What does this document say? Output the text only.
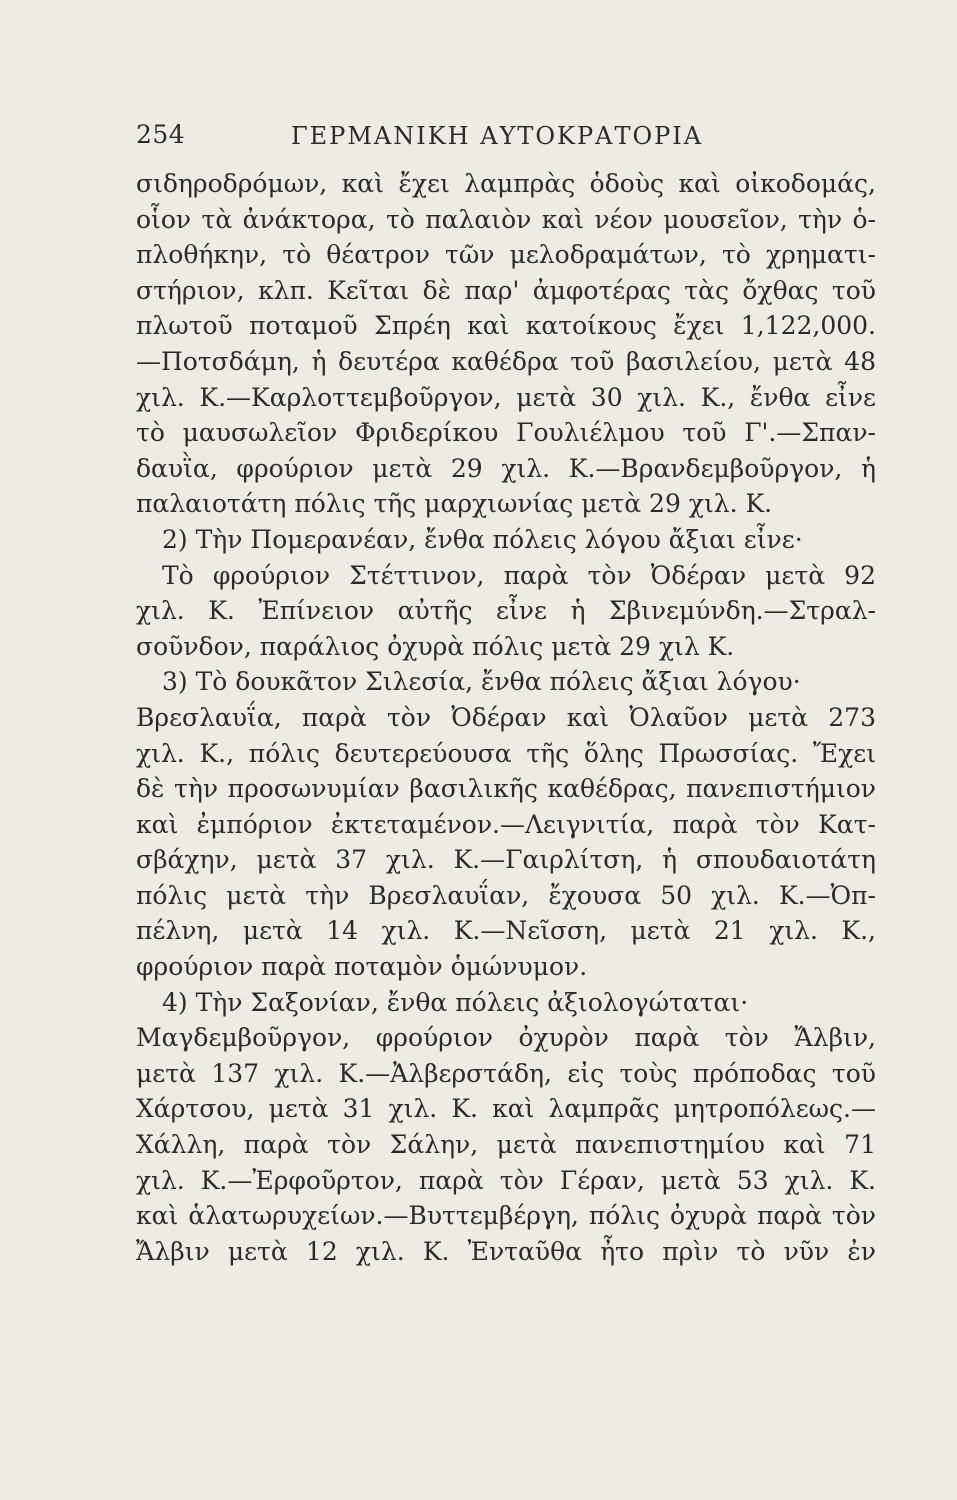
254	ΓΕΡΜΑΝΙΚΗ ΑΥΤΟΚΡΑΤΟΡΙΑ
σιδηροδρόμων, καὶ ἔχει λαμπρὰς ὁδοὺς καὶ οἰκοδομάς,
οἷον τὰ ἀνάκτορα, τὸ παλαιὸν καὶ νέον μουσεῖον, τὴν ὁ-
πλοθήκην, τὸ θέατρον τῶν μελοδραμάτων, τὸ χρηματι-
στήριον, κλπ. Κεῖται δὲ παρ' ἀμφοτέρας τὰς ὄχθας τοῦ
πλωτοῦ ποταμοῦ Σπρέη καὶ κατοίκους ἔχει 1,122,000.
—Ποτσδάμη, ἡ δευτέρα καθέδρα τοῦ βασιλείου, μετὰ 48
χιλ. Κ.—Καρλοττεμβοῦργον, μετὰ 30 χιλ. Κ., ἔνθα εἶνε
τὸ μαυσωλεῖον Φριδερίκου Γουλιέλμου τοῦ Γ'.—Σπαν-
δαυῒα, φρούριον μετὰ 29 χιλ. Κ.—Βρανδεμβοῦργον, ἡ
παλαιοτάτη πόλις τῆς μαρχιωνίας μετὰ 29 χιλ. Κ.
2) Τὴν Πομερανέαν, ἔνθα πόλεις λόγου ἄξιαι εἶνε·
Τὸ φρούριον Στέττινον, παρὰ τὸν Ὀδέραν μετὰ 92
χιλ. Κ. Ἐπίνειον αὐτῆς εἶνε ἡ Σβινεμύνδη.—Στραλ-
σοῦνδον, παράλιος ὀχυρὰ πόλις μετὰ 29 χιλ Κ.
3) Τὸ δουκᾶτον Σιλεσία, ἔνθα πόλεις ἄξιαι λόγου·
Βρεσλαυΐα, παρὰ τὸν Ὀδέραν καὶ Ὀλαῦον μετὰ 273
χιλ. Κ., πόλις δευτερεύουσα τῆς ὅλης Πρωσσίας. Ἔχει
δὲ τὴν προσωνυμίαν βασιλικῆς καθέδρας, πανεπιστήμιον
καὶ ἐμπόριον ἐκτεταμένον.—Λειγνιτία, παρὰ τὸν Κατ-
σβάχην, μετὰ 37 χιλ. Κ.—Γαιρλίτση, ἡ σπουδαιοτάτη
πόλις μετὰ τὴν Βρεσλαυΐαν, ἔχουσα 50 χιλ. Κ.—Ὀπ-
πέλνη, μετὰ 14 χιλ. Κ.—Νεῖσση, μετὰ 21 χιλ. Κ.,
φρούριον παρὰ ποταμὸν ὁμώνυμον.
4) Τὴν Σαξονίαν, ἔνθα πόλεις ἀξιολογώταται·
Μαγδεμβοῦργον, φρούριον ὀχυρὸν παρὰ τὸν Ἄλβιν,
μετὰ 137 χιλ. Κ.—Ἀλβερστάδη, εἰς τοὺς πρόποδας τοῦ
Χάρτσου, μετὰ 31 χιλ. Κ. καὶ λαμπρᾶς μητροπόλεως.—
Χάλλη, παρὰ τὸν Σάλην, μετὰ πανεπιστημίου καὶ 71
χιλ. Κ.—Ἐρφοῦρτον, παρὰ τὸν Γέραν, μετὰ 53 χιλ. Κ.
καὶ ἁλατωρυχείων.—Βυττεμβέργη, πόλις ὀχυρὰ παρὰ τὸν
Ἄλβιν μετὰ 12 χιλ. Κ. Ἐνταῦθα ἦτο πρὶν τὸ νῦν ἐν
